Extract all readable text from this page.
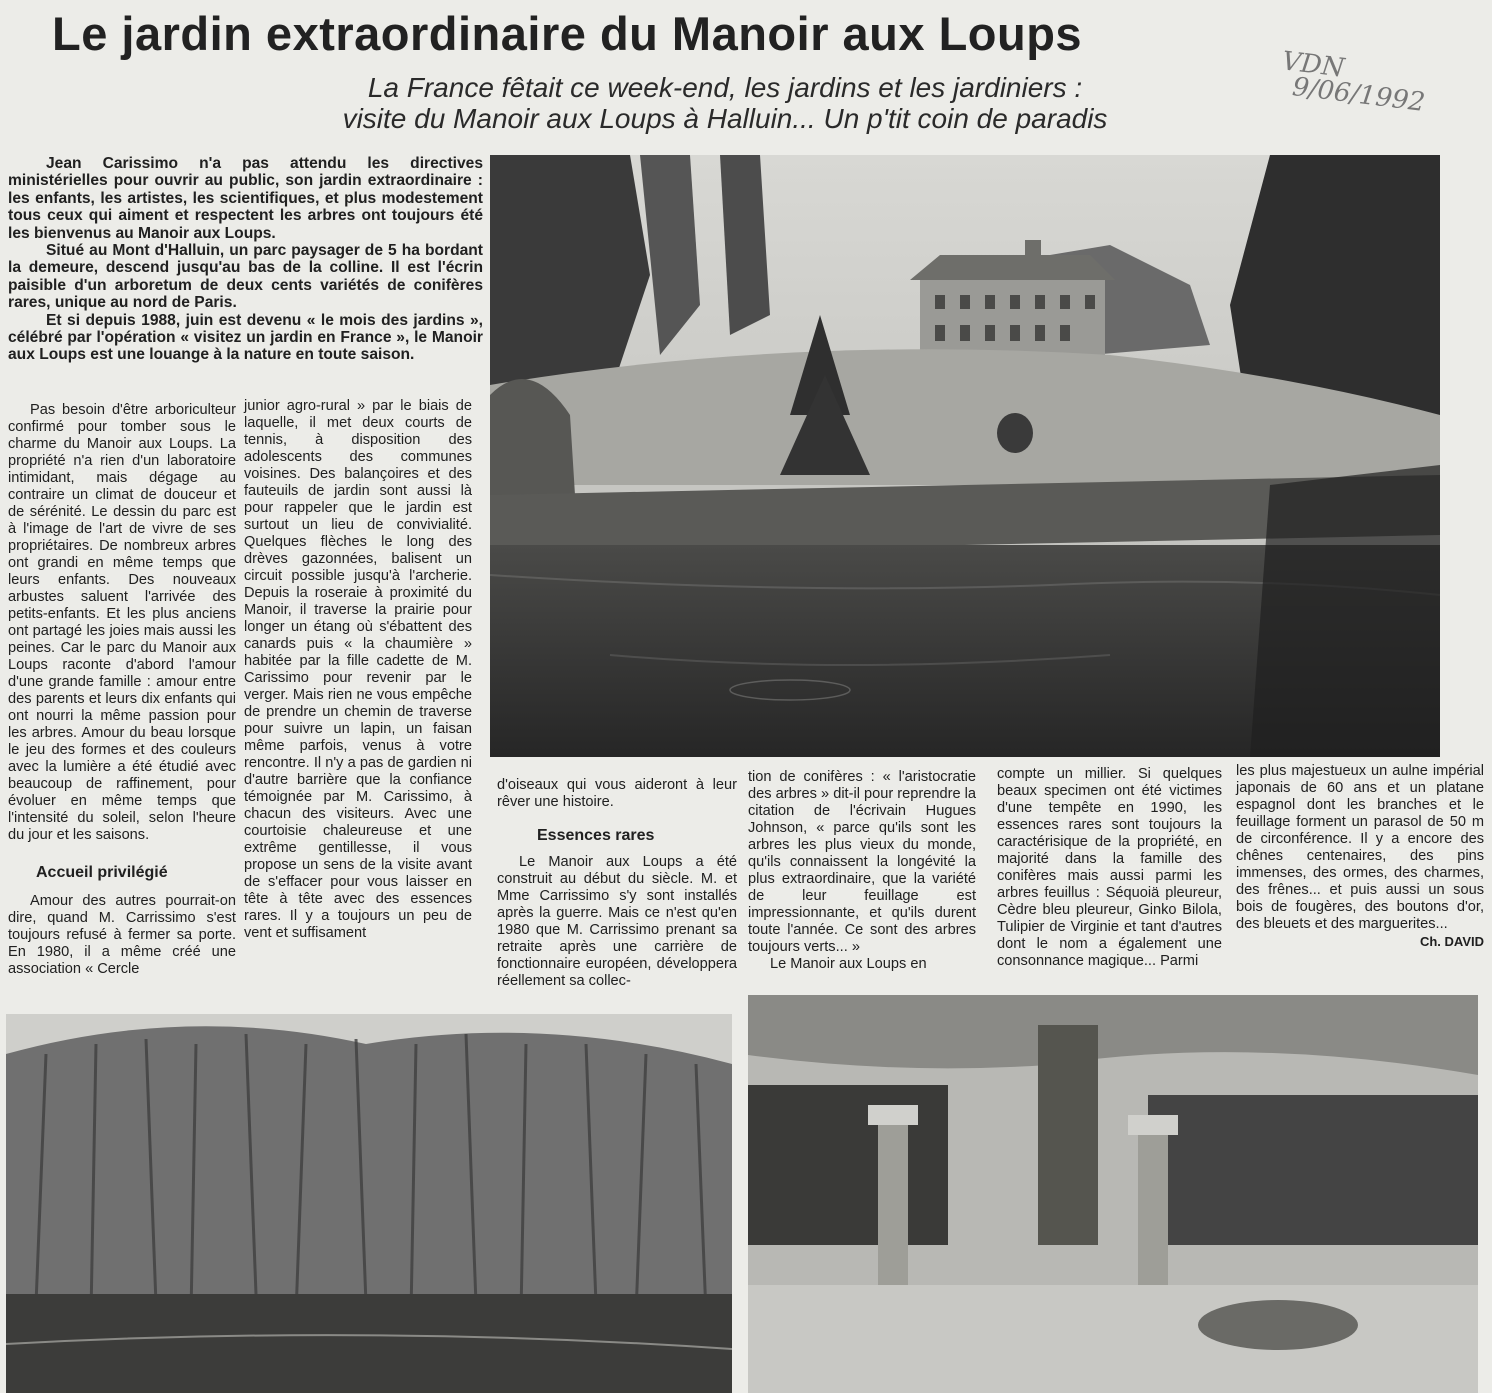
Le jardin extraordinaire du Manoir aux Loups
La France fêtait ce week-end, les jardins et les jardiniers :
visite du Manoir aux Loups à Halluin... Un p'tit coin de paradis
VDN
9/06/1992

Jean Carissimo n'a pas attendu les directives ministérielles pour ouvrir au public, son jardin extraordinaire : les enfants, les artistes, les scientifiques, et plus modestement tous ceux qui aiment et respectent les arbres ont toujours été les bienvenus au Manoir aux Loups.

Situé au Mont d'Halluin, un parc paysager de 5 ha bordant la demeure, descend jusqu'au bas de la colline. Il est l'écrin paisible d'un arboretum de deux cents variétés de conifères rares, unique au nord de Paris.

Et si depuis 1988, juin est devenu « le mois des jardins », célébré par l'opération « visitez un jardin en France », le Manoir aux Loups est une louange à la nature en toute saison.

Pas besoin d'être arboriculteur confirmé pour tomber sous le charme du Manoir aux Loups. La propriété n'a rien d'un laboratoire intimidant, mais dégage au contraire un climat de douceur et de sérénité. Le dessin du parc est à l'image de l'art de vivre de ses propriétaires. De nombreux arbres ont grandi en même temps que leurs enfants. Des nouveaux arbustes saluent l'arrivée des petits-enfants. Et les plus anciens ont partagé les joies mais aussi les peines. Car le parc du Manoir aux Loups raconte d'abord l'amour d'une grande famille : amour entre des parents et leurs dix enfants qui ont nourri la même passion pour les arbres. Amour du beau lorsque le jeu des formes et des couleurs avec la lumière a été étudié avec beaucoup de raffinement, pour évoluer en même temps que l'intensité du soleil, selon l'heure du jour et les saisons.

Accueil privilégié

Amour des autres pourrait-on dire, quand M. Carrissimo s'est toujours refusé à fermer sa porte. En 1980, il a même créé une association « Cercle

junior agro-rural » par le biais de laquelle, il met deux courts de tennis, à disposition des adolescents des communes voisines. Des balançoires et des fauteuils de jardin sont aussi là pour rappeler que le jardin est surtout un lieu de convivialité. Quelques flèches le long des drèves gazonnées, balisent un circuit possible jusqu'à l'archerie. Depuis la roseraie à proximité du Manoir, il traverse la prairie pour longer un étang où s'ébattent des canards puis « la chaumière » habitée par la fille cadette de M. Carissimo pour revenir par le verger. Mais rien ne vous empêche de prendre un chemin de traverse pour suivre un lapin, un faisan même parfois, venus à votre rencontre. Il n'y a pas de gardien ni d'autre barrière que la confiance témoignée par M. Carissimo, à chacun des visiteurs. Avec une courtoisie chaleureuse et une extrême gentillesse, il vous propose un sens de la visite avant de s'effacer pour vous laisser en tête à tête avec des essences rares. Il y a toujours un peu de vent et suffisament

d'oiseaux qui vous aideront à leur rêver une histoire.

Essences rares

Le Manoir aux Loups a été construit au début du siècle. M. et Mme Carrissimo s'y sont installés après la guerre. Mais ce n'est qu'en 1980 que M. Carrissimo prenant sa retraite après une carrière de fonctionnaire européen, développera réellement sa collec-

tion de conifères : « l'aristocratie des arbres » dit-il pour reprendre la citation de l'écrivain Hugues Johnson, « parce qu'ils sont les arbres les plus vieux du monde, qu'ils connaissent la longévité la plus extraordinaire, que la variété de leur feuillage est impressionnante, et qu'ils durent toute l'année. Ce sont des arbres toujours verts... »

Le Manoir aux Loups en

compte un millier. Si quelques beaux specimen ont été victimes d'une tempête en 1990, les essences rares sont toujours la caractérisique de la propriété, en majorité dans la famille des conifères mais aussi parmi les arbres feuillus : Séquoiä pleureur, Cèdre bleu pleureur, Ginko Bilola, Tulipier de Virginie et tant d'autres dont le nom a également une consonnance magique... Parmi

les plus majestueux un aulne impérial japonais de 60 ans et un platane espagnol dont les branches et le feuillage forment un parasol de 50 m de circonférence. Il y a encore des chênes centenaires, des pins immenses, des ormes, des charmes, des frênes... et puis aussi un sous bois de fougères, des boutons d'or, des bleuets et des marguerites...

Ch. DAVID
